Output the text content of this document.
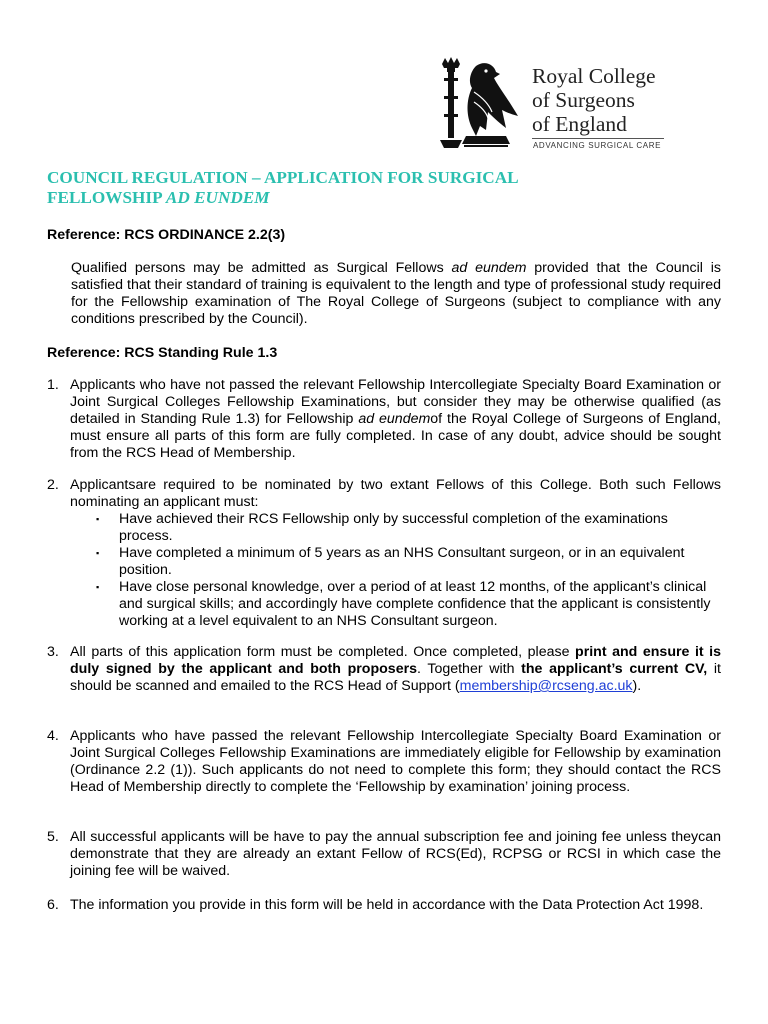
Royal College
of Surgeons
of England
ADVANCING SURGICAL CARE
COUNCIL REGULATION – APPLICATION FOR SURGICAL
FELLOWSHIP AD EUNDEM
Reference: RCS ORDINANCE 2.2(3)
Qualified persons may be admitted as Surgical Fellows ad eundem provided that the Council is satisfied that their standard of training is equivalent to the length and type of professional study required for the Fellowship examination of The Royal College of Surgeons (subject to compliance with any conditions prescribed by the Council).
Reference: RCS Standing Rule 1.3
1. Applicants who have not passed the relevant Fellowship Intercollegiate Specialty Board Examination or Joint Surgical Colleges Fellowship Examinations, but consider they may be otherwise qualified (as detailed in Standing Rule 1.3) for Fellowship ad eundemof the Royal College of Surgeons of England, must ensure all parts of this form are fully completed. In case of any doubt, advice should be sought from the RCS Head of Membership.
2. Applicantsare required to be nominated by two extant Fellows of this College. Both such Fellows nominating an applicant must:
▪ Have achieved their RCS Fellowship only by successful completion of the examinations process.
▪ Have completed a minimum of 5 years as an NHS Consultant surgeon, or in an equivalent position.
▪ Have close personal knowledge, over a period of at least 12 months, of the applicant’s clinical and surgical skills; and accordingly have complete confidence that the applicant is consistently working at a level equivalent to an NHS Consultant surgeon.
3. All parts of this application form must be completed. Once completed, please print and ensure it is duly signed by the applicant and both proposers. Together with the applicant’s current CV, it should be scanned and emailed to the RCS Head of Support (membership@rcseng.ac.uk).
4. Applicants who have passed the relevant Fellowship Intercollegiate Specialty Board Examination or Joint Surgical Colleges Fellowship Examinations are immediately eligible for Fellowship by examination (Ordinance 2.2 (1)). Such applicants do not need to complete this form; they should contact the RCS Head of Membership directly to complete the ‘Fellowship by examination’ joining process.
5. All successful applicants will be have to pay the annual subscription fee and joining fee unless theycan demonstrate that they are already an extant Fellow of RCS(Ed), RCPSG or RCSI in which case the joining fee will be waived.
6. The information you provide in this form will be held in accordance with the Data Protection Act 1998.
